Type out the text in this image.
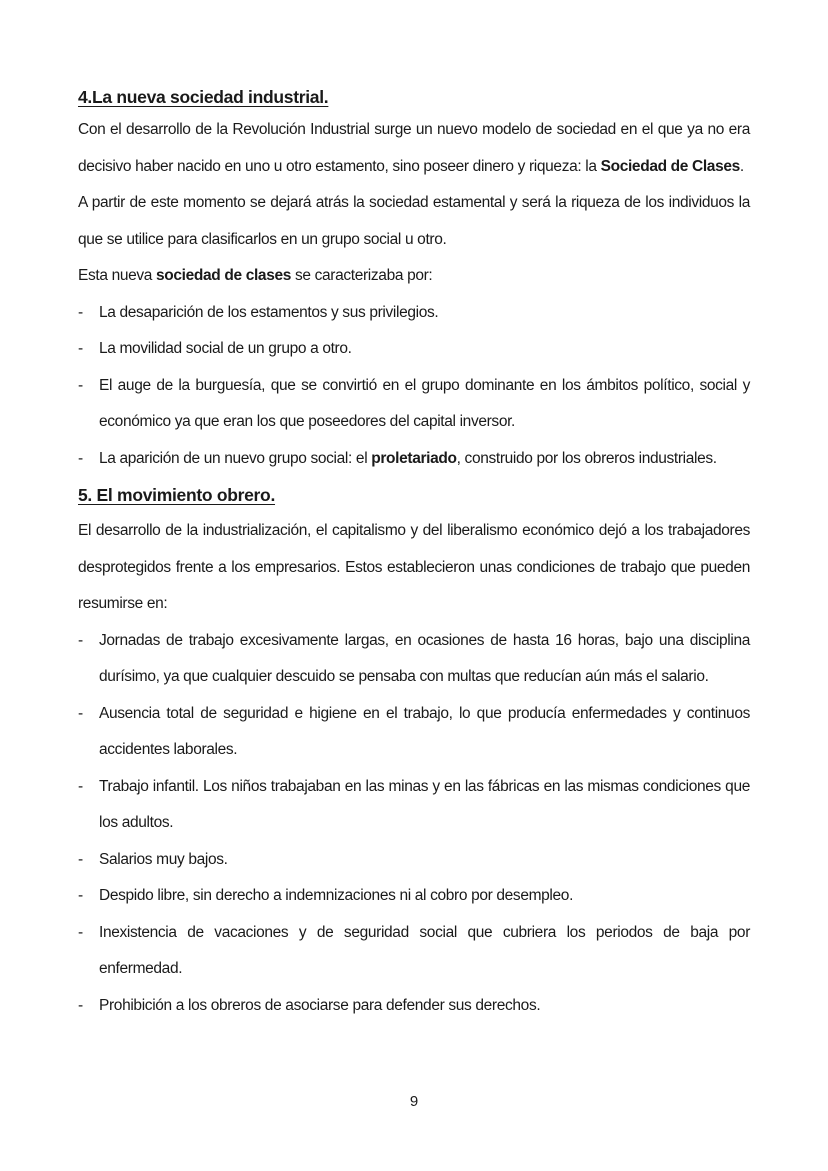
4.La nueva sociedad industrial.

Con el desarrollo de la Revolución Industrial surge un nuevo modelo de sociedad en el que ya no era decisivo haber nacido en uno u otro estamento, sino poseer dinero y riqueza: la Sociedad de Clases.

A partir de este momento se dejará atrás la sociedad estamental y será la riqueza de los individuos la que se utilice para clasificarlos en un grupo social u otro.

Esta nueva sociedad de clases se caracterizaba por:

-	La desaparición de los estamentos y sus privilegios.
-	La movilidad social de un grupo a otro.
-	El auge de la burguesía, que se convirtió en el grupo dominante en los ámbitos político, social y económico ya que eran los que poseedores del capital inversor.
-	La aparición de un nuevo grupo social: el proletariado, construido por los obreros industriales.
5. El movimiento obrero.

El desarrollo de la industrialización, el capitalismo y del liberalismo económico dejó a los trabajadores desprotegidos frente a los empresarios. Estos establecieron unas condiciones de trabajo que pueden resumirse en:

-	Jornadas de trabajo excesivamente largas, en ocasiones de hasta 16 horas, bajo una disciplina durísimo, ya que cualquier descuido se pensaba con multas que reducían aún más el salario.
-	Ausencia total de seguridad e higiene en el trabajo, lo que producía enfermedades y continuos accidentes laborales.
-	Trabajo infantil. Los niños trabajaban en las minas y en las fábricas en las mismas condiciones que los adultos.
-	Salarios muy bajos.
-	Despido libre, sin derecho a indemnizaciones ni al cobro por desempleo.
-	Inexistencia de vacaciones y de seguridad social que cubriera los periodos de baja por enfermedad.
-	Prohibición a los obreros de asociarse para defender sus derechos.
9
